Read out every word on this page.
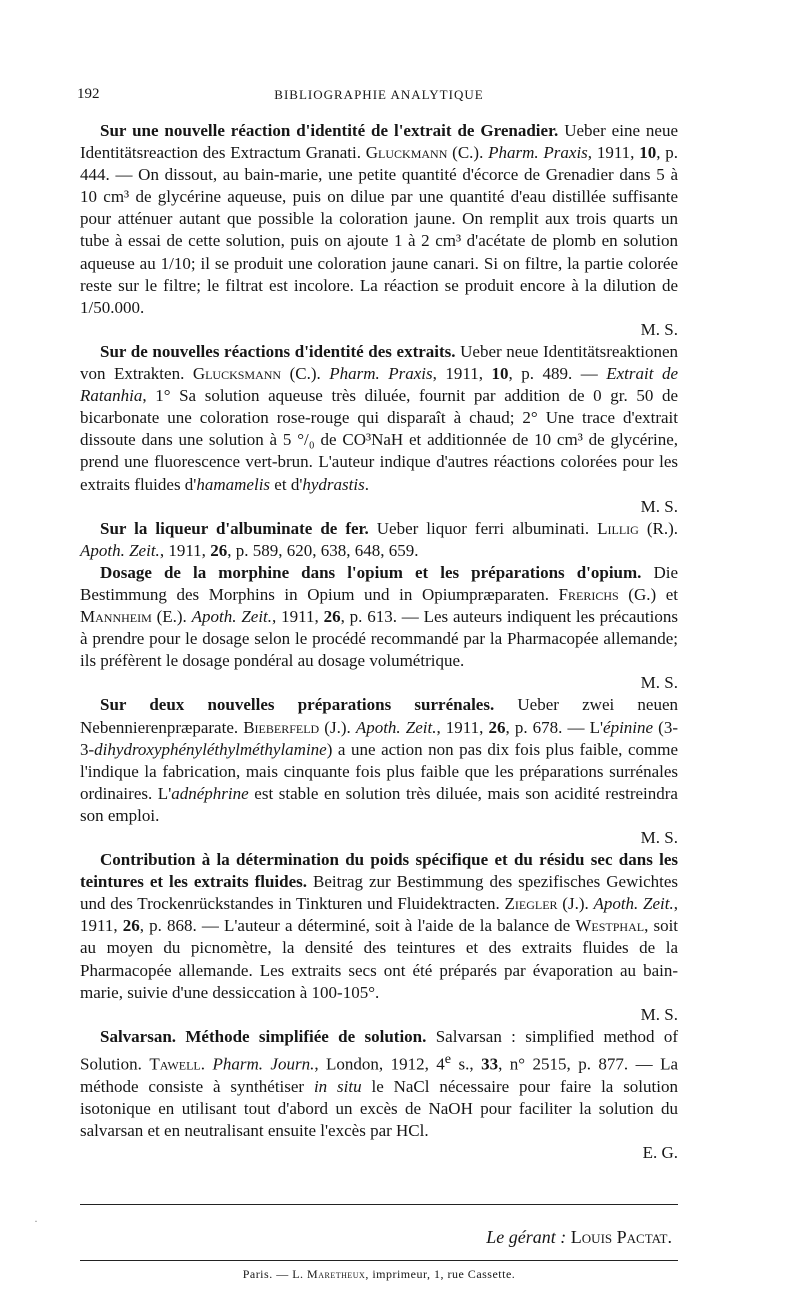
192	BIBLIOGRAPHIE ANALYTIQUE

Sur une nouvelle réaction d'identité de l'extrait de Grenadier. Ueber eine neue Identitätsreaction des Extractum Granati. Gluckmann (C.). Pharm. Praxis, 1911, 10, p. 444. — On dissout, au bain-marie, une petite quantité d'écorce de Grenadier dans 5 à 10 cm³ de glycérine aqueuse, puis on dilue par une quantité d'eau distillée suffisante pour atténuer autant que possible la coloration jaune. On remplit aux trois quarts un tube à essai de cette solution, puis on ajoute 1 à 2 cm³ d'acétate de plomb en solution aqueuse au 1/10; il se produit une coloration jaune canari. Si on filtre, la partie colorée reste sur le filtre; le filtrat est incolore. La réaction se produit encore à la dilution de 1/50.000.

M. S.

Sur de nouvelles réactions d'identité des extraits. Ueber neue Identitätsreaktionen von Extrakten. Glucksmann (C.). Pharm. Praxis, 1911, 10, p. 489. — Extrait de Ratanhia, 1° Sa solution aqueuse très diluée, fournit par addition de 0 gr. 50 de bicarbonate une coloration rose-rouge qui disparaît à chaud; 2° Une trace d'extrait dissoute dans une solution à 5 °/₀ de CO³NaH et additionnée de 10 cm³ de glycérine, prend une fluorescence vert-brun. L'auteur indique d'autres réactions colorées pour les extraits fluides d'hamamelis et d'hydrastis.

M. S.

Sur la liqueur d'albuminate de fer. Ueber liquor ferri albuminati. Lillig (R.). Apoth. Zeit., 1911, 26, p. 589, 620, 638, 648, 659.

Dosage de la morphine dans l'opium et les préparations d'opium. Die Bestimmung des Morphins in Opium und in Opiumpræparaten. Frerichs (G.) et Mannheim (E.). Apoth. Zeit., 1911, 26, p. 613. — Les auteurs indiquent les précautions à prendre pour le dosage selon le procédé recommandé par la Pharmacopée allemande; ils préfèrent le dosage pondéral au dosage volumétrique.

M. S.

Sur deux nouvelles préparations surrénales. Ueber zwei neuen Nebennierenpræparate. Bieberfeld (J.). Apoth. Zeit., 1911, 26, p. 678. — L'épinine (3-3-dihydroxyphényléthylméthylamine) a une action non pas dix fois plus faible, comme l'indique la fabrication, mais cinquante fois plus faible que les préparations surrénales ordinaires. L'adnéphrine est stable en solution très diluée, mais son acidité restreindra son emploi.

M. S.

Contribution à la détermination du poids spécifique et du résidu sec dans les teintures et les extraits fluides. Beitrag zur Bestimmung des spezifisches Gewichtes und des Trockenrückstandes in Tinkturen und Fluidektracten. Ziegler (J.). Apoth. Zeit., 1911, 26, p. 868. — L'auteur a déterminé, soit à l'aide de la balance de Westphal, soit au moyen du picnomètre, la densité des teintures et des extraits fluides de la Pharmacopée allemande. Les extraits secs ont été préparés par évaporation au bain-marie, suivie d'une dessiccation à 100-105°.

M. S.

Salvarsan. Méthode simplifiée de solution. Salvarsan : simplified method of Solution. Tawell. Pharm. Journ., London, 1912, 4e s., 33, n° 2515, p. 877. — La méthode consiste à synthétiser in situ le NaCl nécessaire pour faire la solution isotonique en utilisant tout d'abord un excès de NaOH pour faciliter la solution du salvarsan et en neutralisant ensuite l'excès par HCl.

E. G.
Le gérant : Louis Pactat.
Paris. — L. Maretheux, imprimeur, 1, rue Cassette.
·
